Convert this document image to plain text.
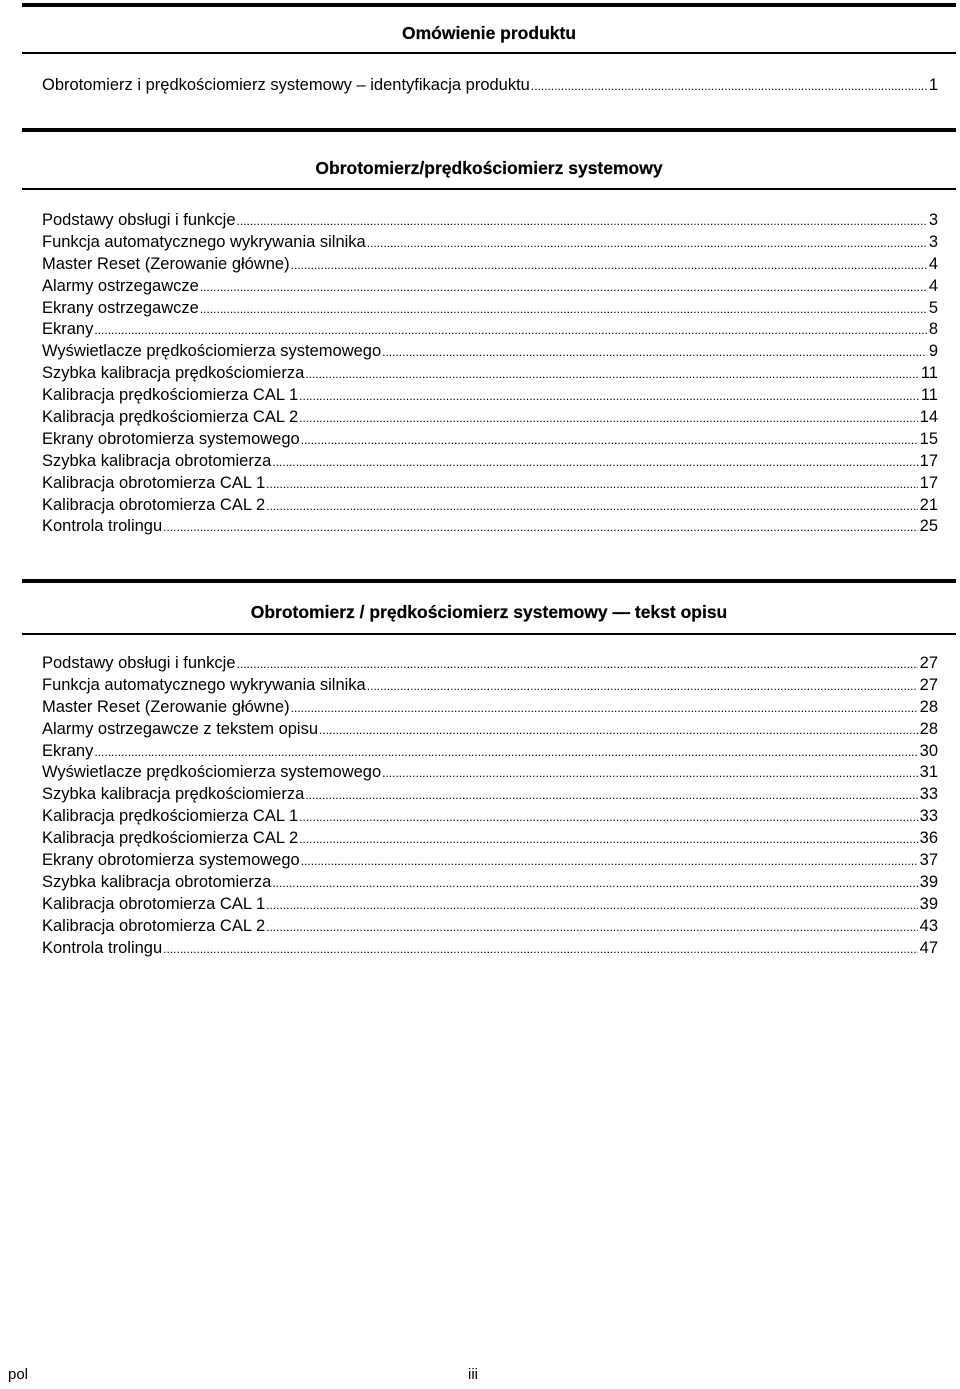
Omówienie produktu
Obrotomierz i prędkościomierz systemowy – identyfikacja produktu .....	1
Obrotomierz/prędkościomierz systemowy
Podstawy obsługi i funkcje .....	3
Funkcja automatycznego wykrywania silnika .....	3
Master Reset (Zerowanie główne) .....	4
Alarmy ostrzegawcze .....	4
Ekrany ostrzegawcze .....	5
Ekrany .....	8
Wyświetlacze prędkościomierza systemowego .....	9
Szybka kalibracja prędkościomierza .....	11
Kalibracja prędkościomierza CAL 1 .....	11
Kalibracja prędkościomierza CAL 2 .....	14
Ekrany obrotomierza systemowego .....	15
Szybka kalibracja obrotomierza .....	17
Kalibracja obrotomierza CAL 1 .....	17
Kalibracja obrotomierza CAL 2 .....	21
Kontrola trolingu .....	25
Obrotomierz / prędkościomierz systemowy — tekst opisu
Podstawy obsługi i funkcje .....	27
Funkcja automatycznego wykrywania silnika .....	27
Master Reset (Zerowanie główne) .....	28
Alarmy ostrzegawcze z tekstem opisu .....	28
Ekrany .....	30
Wyświetlacze prędkościomierza systemowego .....	31
Szybka kalibracja prędkościomierza .....	33
Kalibracja prędkościomierza CAL 1 .....	33
Kalibracja prędkościomierza CAL 2 .....	36
Ekrany obrotomierza systemowego .....	37
Szybka kalibracja obrotomierza .....	39
Kalibracja obrotomierza CAL 1 .....	39
Kalibracja obrotomierza CAL 2 .....	43
Kontrola trolingu .....	47
pol	iii
